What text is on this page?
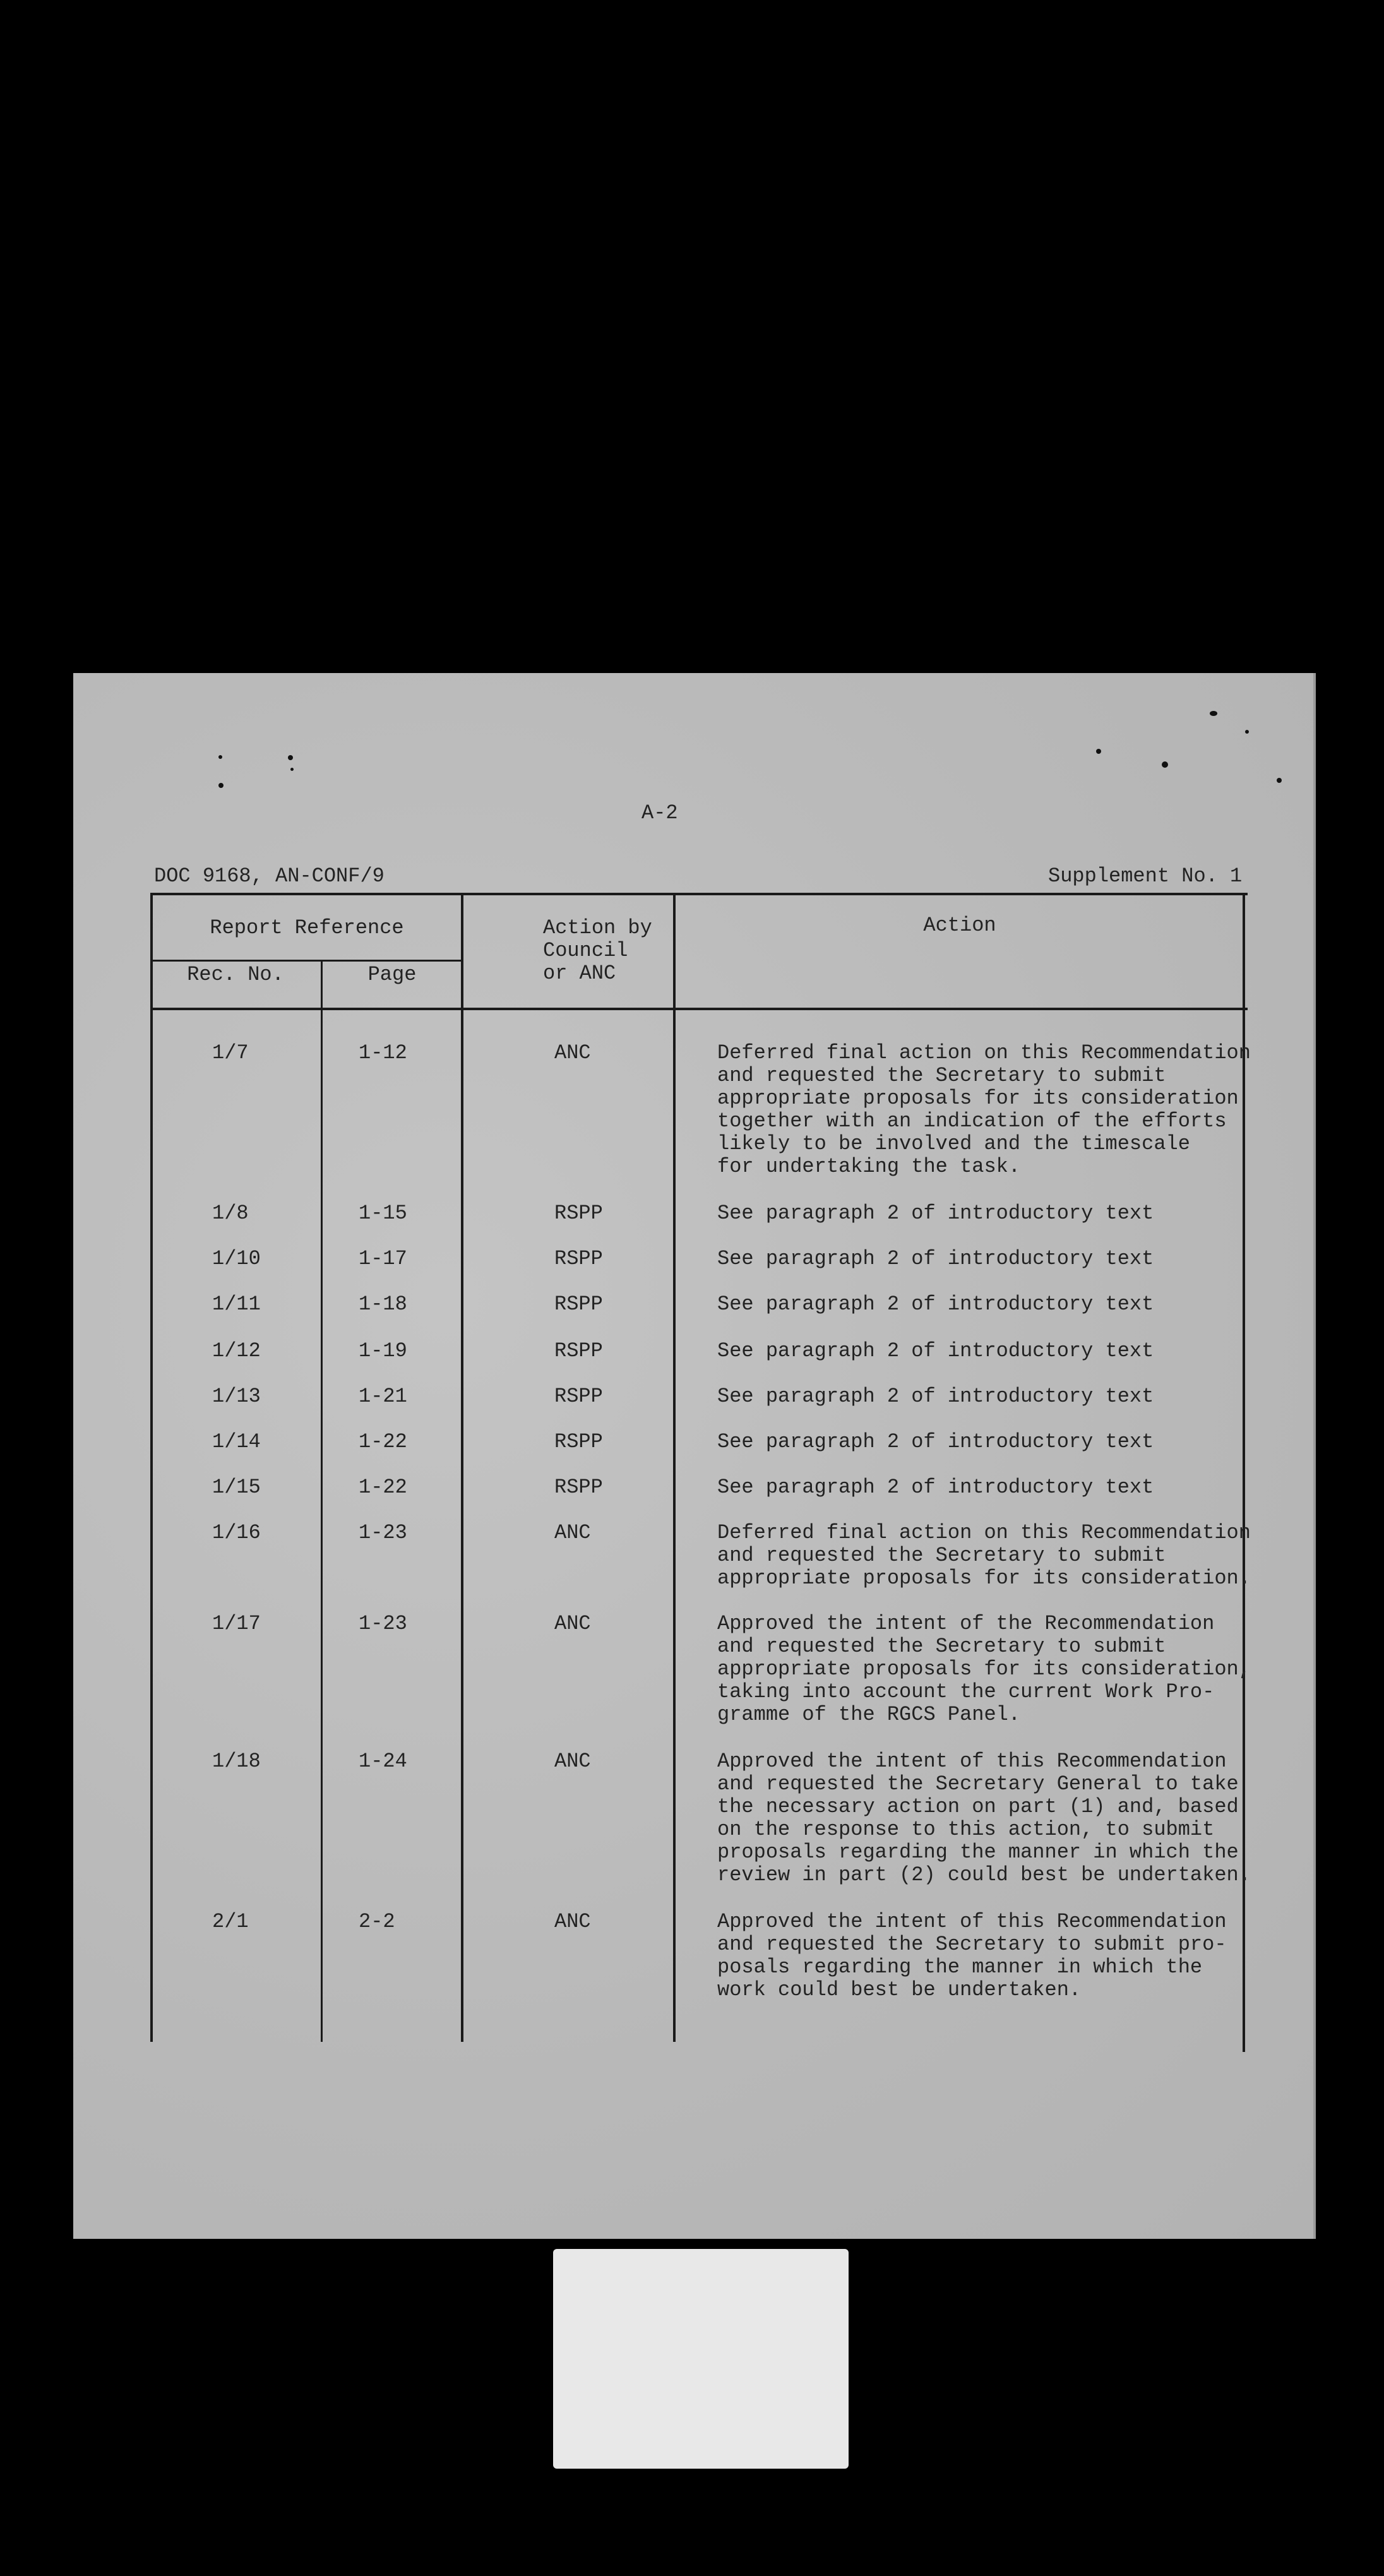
A-2
DOC 9168, AN-CONF/9	Supplement No. 1
Report Reference
Rec. No.	Page
Action by
Council
or ANC
Action
1/7	1-12	ANC	Deferred final action on this Recommendation
and requested the Secretary to submit
appropriate proposals for its consideration
together with an indication of the efforts
likely to be involved and the timescale
for undertaking the task.
1/8	1-15	RSPP	See paragraph 2 of introductory text
1/10	1-17	RSPP	See paragraph 2 of introductory text
1/11	1-18	RSPP	See paragraph 2 of introductory text
1/12	1-19	RSPP	See paragraph 2 of introductory text
1/13	1-21	RSPP	See paragraph 2 of introductory text
1/14	1-22	RSPP	See paragraph 2 of introductory text
1/15	1-22	RSPP	See paragraph 2 of introductory text
1/16	1-23	ANC	Deferred final action on this Recommendation
and requested the Secretary to submit
appropriate proposals for its consideration.
1/17	1-23	ANC	Approved the intent of the Recommendation
and requested the Secretary to submit
appropriate proposals for its consideration,
taking into account the current Work Pro-
gramme of the RGCS Panel.
1/18	1-24	ANC	Approved the intent of this Recommendation
and requested the Secretary General to take
the necessary action on part (1) and, based
on the response to this action, to submit
proposals regarding the manner in which the
review in part (2) could best be undertaken.
2/1	2-2	ANC	Approved the intent of this Recommendation
and requested the Secretary to submit pro-
posals regarding the manner in which the
work could best be undertaken.
